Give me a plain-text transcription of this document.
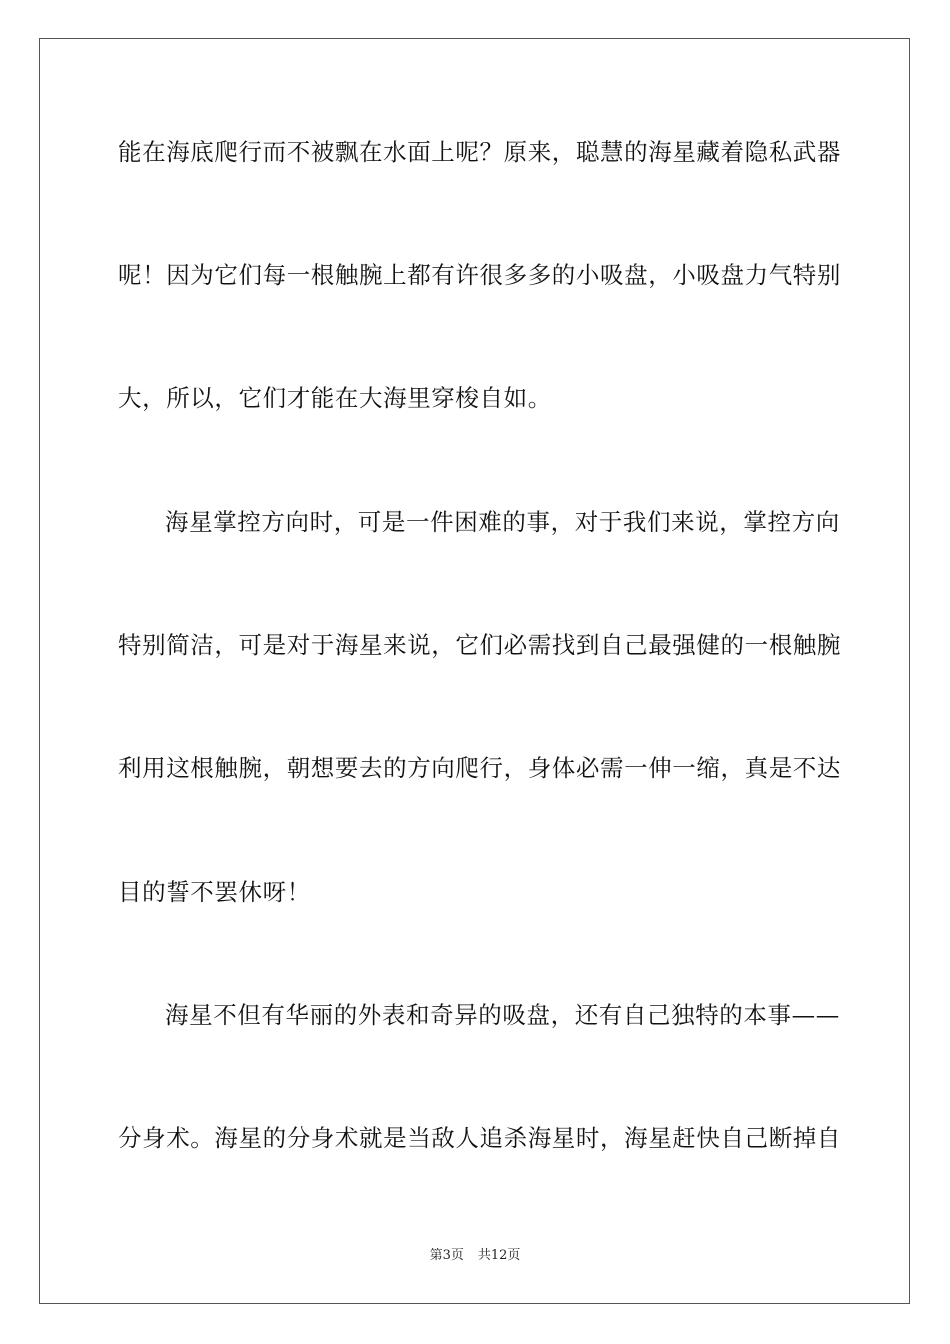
能在海底爬行而不被飘在水面上呢？原来，聪慧的海星藏着隐私武器
呢！因为它们每一根触腕上都有许很多多的小吸盘，小吸盘力气特别
大，所以，它们才能在大海里穿梭自如。
海星掌控方向时，可是一件困难的事，对于我们来说，掌控方向
特别简洁，可是对于海星来说，它们必需找到自己最强健的一根触腕
利用这根触腕，朝想要去的方向爬行，身体必需一伸一缩，真是不达
目的誓不罢休呀！
海星不但有华丽的外表和奇异的吸盘，还有自己独特的本事——
分身术。海星的分身术就是当敌人追杀海星时，海星赶快自己断掉自
第3页 共12页
